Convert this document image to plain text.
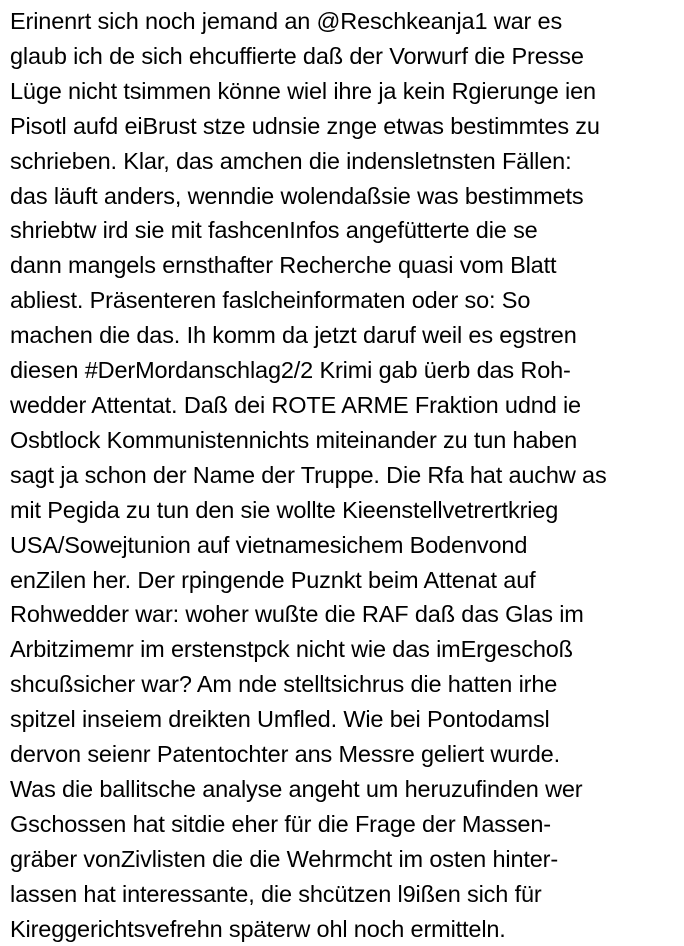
Erinenrt sich noch jemand an @Reschkeanja1 war es
glaub ich de sich ehcuffierte daß der Vorwurf die Presse
Lüge nicht tsimmen könne wiel ihre ja kein Rgierunge ien
Pisotl aufd eiBrust stze udnsie znge etwas bestimmtes zu
schrieben. Klar, das amchen die indensletnsten Fällen:
das läuft anders, wenndie wolendaßsie was bestimmets
shriebtw ird sie mit fashcenInfos angefütterte die se
dann mangels ernsthafter Recherche quasi vom Blatt
abliest. Präsenteren faslcheinformaten oder so: So
machen die das. Ih komm da jetzt daruf weil es egstren
diesen #DerMordanschlag2/2 Krimi gab üerb das Roh-
wedder Attentat. Daß dei ROTE ARME Fraktion udnd ie
Osbtlock Kommunistennichts miteinander zu tun haben
sagt ja schon der Name der Truppe. Die Rfa hat auchw as
mit Pegida zu tun den sie wollte Kieenstellvetrertkrieg
USA/Sowejtunion auf vietnamesichem Bodenvond
enZilen her. Der rpingende Puznkt beim Attenat auf
Rohwedder war: woher wußte die RAF daß das Glas im
Arbitzimemr im erstenstpck nicht wie das imErgeschoß
shcußsicher war? Am nde stelltsichrus die hatten irhe
spitzel inseiem dreikten Umfled. Wie bei Pontodamsl
dervon seienr Patentochter ans Messre geliert wurde.
Was die ballitsche analyse angeht um heruzufinden wer
Gschossen hat sitdie eher für die Frage der Massen-
gräber vonZivlisten die die Wehrmcht im osten hinter-
lassen hat interessante, die shcützen l9ißen sich für
Kireggerichtsvefrehn späterw ohl noch ermitteln.
